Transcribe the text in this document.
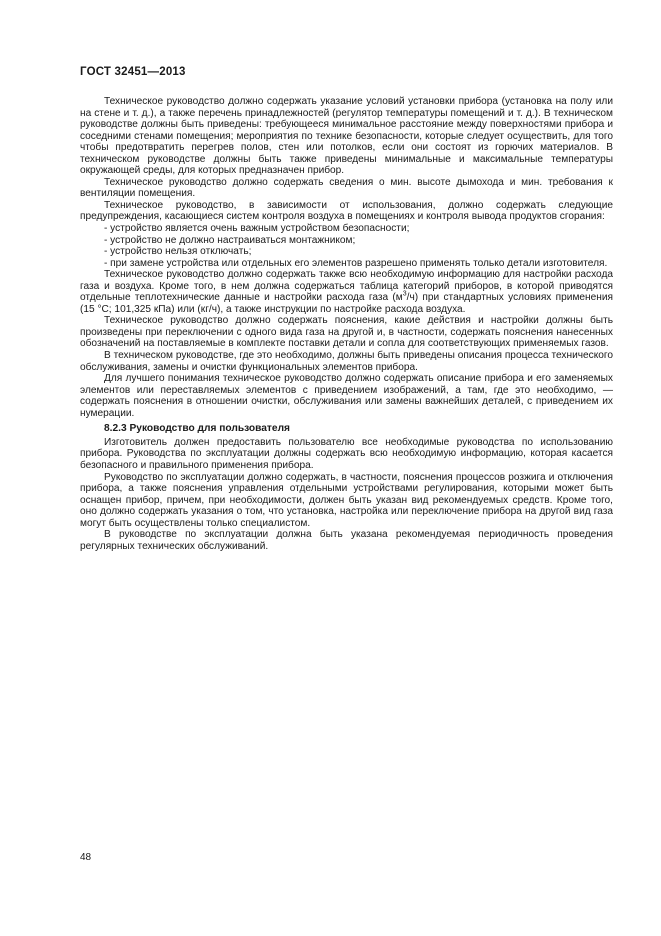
ГОСТ 32451—2013

Техническое руководство должно содержать указание условий установки прибора (установка на полу или на стене и т. д.), а также перечень принадлежностей (регулятор температуры помещений и т. д.). В техническом руководстве должны быть приведены: требующееся минимальное расстояние между поверхностями прибора и соседними стенами помещения; мероприятия по технике безопасности, которые следует осуществить, для того чтобы предотвратить перегрев полов, стен или потолков, если они состоят из горючих материалов. В техническом руководстве должны быть также приведены минимальные и максимальные температуры окружающей среды, для которых предназначен прибор.

Техническое руководство должно содержать сведения о мин. высоте дымохода и мин. требования к вентиляции помещения.

Техническое руководство, в зависимости от использования, должно содержать следующие предупреждения, касающиеся систем контроля воздуха в помещениях и контроля вывода продуктов сгорания:

- устройство является очень важным устройством безопасности;

- устройство не должно настраиваться монтажником;

- устройство нельзя отключать;

- при замене устройства или отдельных его элементов разрешено применять только детали изготовителя.

Техническое руководство должно содержать также всю необходимую информацию для настройки расхода газа и воздуха. Кроме того, в нем должна содержаться таблица категорий приборов, в которой приводятся отдельные теплотехнические данные и настройки расхода газа $(м^3/ч)$ при стандартных условиях применения (15 °C; 101,325 кПа) или (кг/ч), а также инструкции по настройке расхода воздуха.

Техническое руководство должно содержать пояснения, какие действия и настройки должны быть произведены при переключении с одного вида газа на другой и, в частности, содержать пояснения нанесенных обозначений на поставляемые в комплекте поставки детали и сопла для соответствующих применяемых газов.

В техническом руководстве, где это необходимо, должны быть приведены описания процесса технического обслуживания, замены и очистки функциональных элементов прибора.

Для лучшего понимания техническое руководство должно содержать описание прибора и его заменяемых элементов или переставляемых элементов с приведением изображений, а там, где это необходимо, — содержать пояснения в отношении очистки, обслуживания или замены важнейших деталей, с приведением их нумерации.

8.2.3 Руководство для пользователя

Изготовитель должен предоставить пользователю все необходимые руководства по использованию прибора. Руководства по эксплуатации должны содержать всю необходимую информацию, которая касается безопасного и правильного применения прибора.

Руководство по эксплуатации должно содержать, в частности, пояснения процессов розжига и отключения прибора, а также пояснения управления отдельными устройствами регулирования, которыми может быть оснащен прибор, причем, при необходимости, должен быть указан вид рекомендуемых средств. Кроме того, оно должно содержать указания о том, что установка, настройка или переключение прибора на другой вид газа могут быть осуществлены только специалистом.

В руководстве по эксплуатации должна быть указана рекомендуемая периодичность проведения регулярных технических обслуживаний.

48
